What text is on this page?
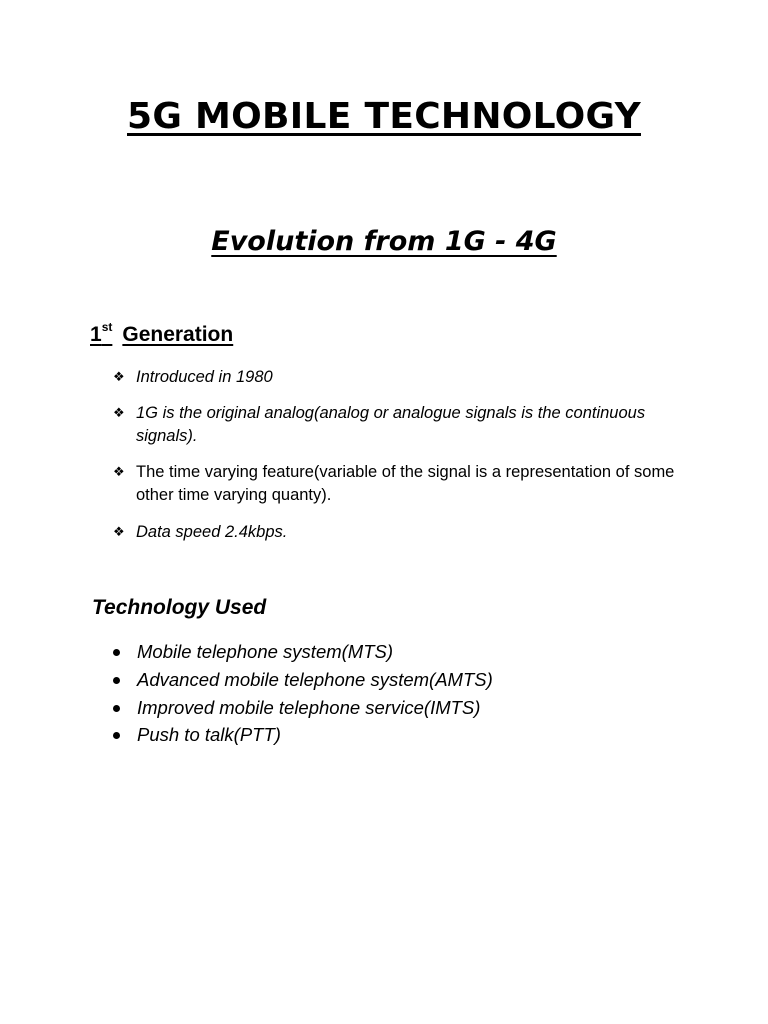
5G MOBILE TECHNOLOGY
Evolution from 1G - 4G
1st Generation
❖ Introduced in 1980
❖ 1G is the original analog(analog or analogue signals is the continuous signals).
❖ The time varying feature(variable of the signal is a representation of some other time varying quanty).
❖ Data speed 2.4kbps.
Technology Used
Mobile telephone system(MTS)
Advanced mobile telephone system(AMTS)
Improved mobile telephone service(IMTS)
Push to talk(PTT)
